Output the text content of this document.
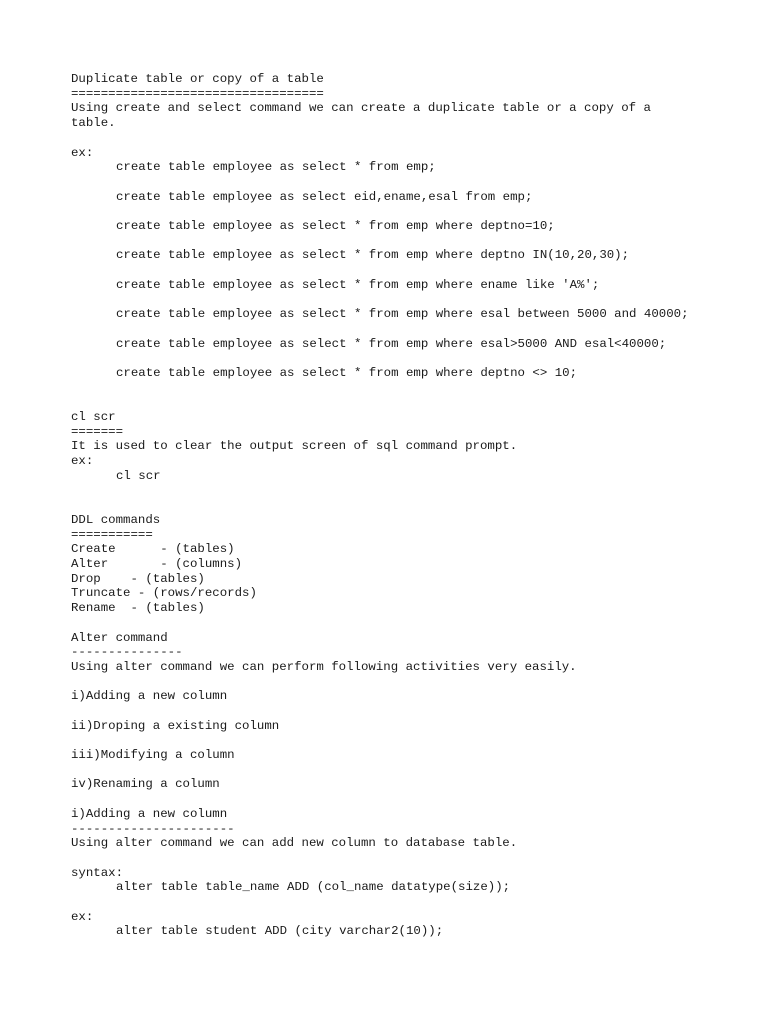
Duplicate table or copy of a table
==================================
Using create and select command we can create a duplicate table or a copy of a
table.
ex:
create table employee as select * from emp;
create table employee as select eid,ename,esal from emp;
create table employee as select * from emp where deptno=10;
create table employee as select * from emp where deptno IN(10,20,30);
create table employee as select * from emp where ename like 'A%';
create table employee as select * from emp where esal between 5000 and 40000;
create table employee as select * from emp where esal>5000 AND esal<40000;
create table employee as select * from emp where deptno <> 10;
cl scr
=======
It is used to clear the output screen of sql command prompt.
ex:
cl scr
DDL commands
===========
Create      - (tables)
Alter       - (columns)
Drop    - (tables)
Truncate - (rows/records)
Rename  - (tables)
Alter command
---------------
Using alter command we can perform following activities very easily.
i)Adding a new column
ii)Droping a existing column
iii)Modifying a column
iv)Renaming a column
i)Adding a new column
----------------------
Using alter command we can add new column to database table.
syntax:
alter table table_name ADD (col_name datatype(size));
ex:
alter table student ADD (city varchar2(10));
